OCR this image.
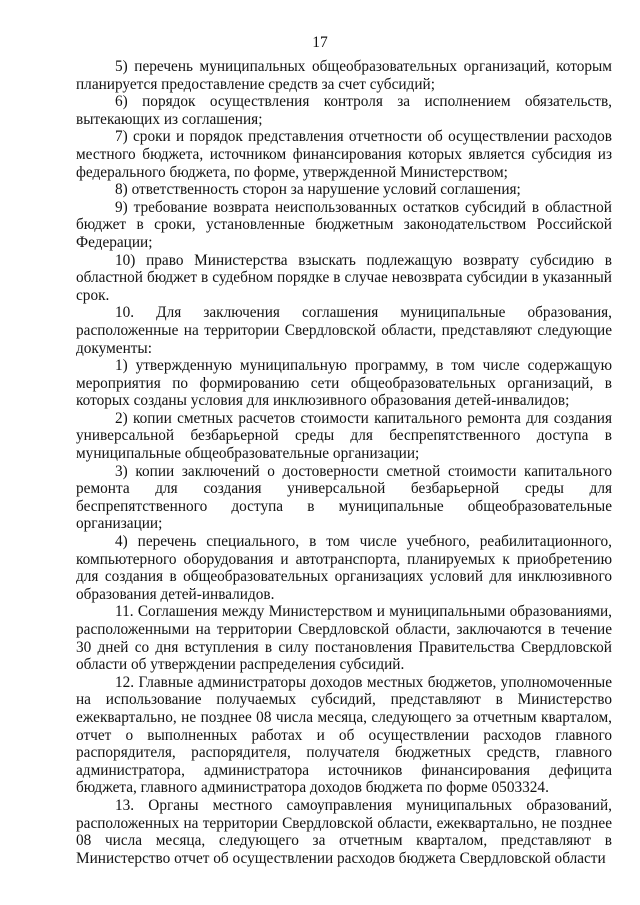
17

5) перечень муниципальных общеобразовательных организаций, которым планируется предоставление средств за счет субсидий;

6) порядок осуществления контроля за исполнением обязательств, вытекающих из соглашения;

7) сроки и порядок представления отчетности об осуществлении расходов местного бюджета, источником финансирования которых является субсидия из федерального бюджета, по форме, утвержденной Министерством;

8) ответственность сторон за нарушение условий соглашения;

9) требование возврата неиспользованных остатков субсидий в областной бюджет в сроки, установленные бюджетным законодательством Российской Федерации;

10) право Министерства взыскать подлежащую возврату субсидию в областной бюджет в судебном порядке в случае невозврата субсидии в указанный срок.

10. Для заключения соглашения муниципальные образования, расположенные на территории Свердловской области, представляют следующие документы:

1) утвержденную муниципальную программу, в том числе содержащую мероприятия по формированию сети общеобразовательных организаций, в которых созданы условия для инклюзивного образования детей-инвалидов;

2) копии сметных расчетов стоимости капитального ремонта для создания универсальной безбарьерной среды для беспрепятственного доступа в муниципальные общеобразовательные организации;

3) копии заключений о достоверности сметной стоимости капитального ремонта для создания универсальной безбарьерной среды для беспрепятственного доступа в муниципальные общеобразовательные организации;

4) перечень специального, в том числе учебного, реабилитационного, компьютерного оборудования и автотранспорта, планируемых к приобретению для создания в общеобразовательных организациях условий для инклюзивного образования детей-инвалидов.

11. Соглашения между Министерством и муниципальными образованиями, расположенными на территории Свердловской области, заключаются в течение 30 дней со дня вступления в силу постановления Правительства Свердловской области об утверждении распределения субсидий.

12. Главные администраторы доходов местных бюджетов, уполномоченные на использование получаемых субсидий, представляют в Министерство ежеквартально, не позднее 08 числа месяца, следующего за отчетным кварталом, отчет о выполненных работах и об осуществлении расходов главного распорядителя, распорядителя, получателя бюджетных средств, главного администратора, администратора источников финансирования дефицита бюджета, главного администратора доходов бюджета по форме 0503324.

13. Органы местного самоуправления муниципальных образований, расположенных на территории Свердловской области, ежеквартально, не позднее 08 числа месяца, следующего за отчетным кварталом, представляют в Министерство отчет об осуществлении расходов бюджета Свердловской области
